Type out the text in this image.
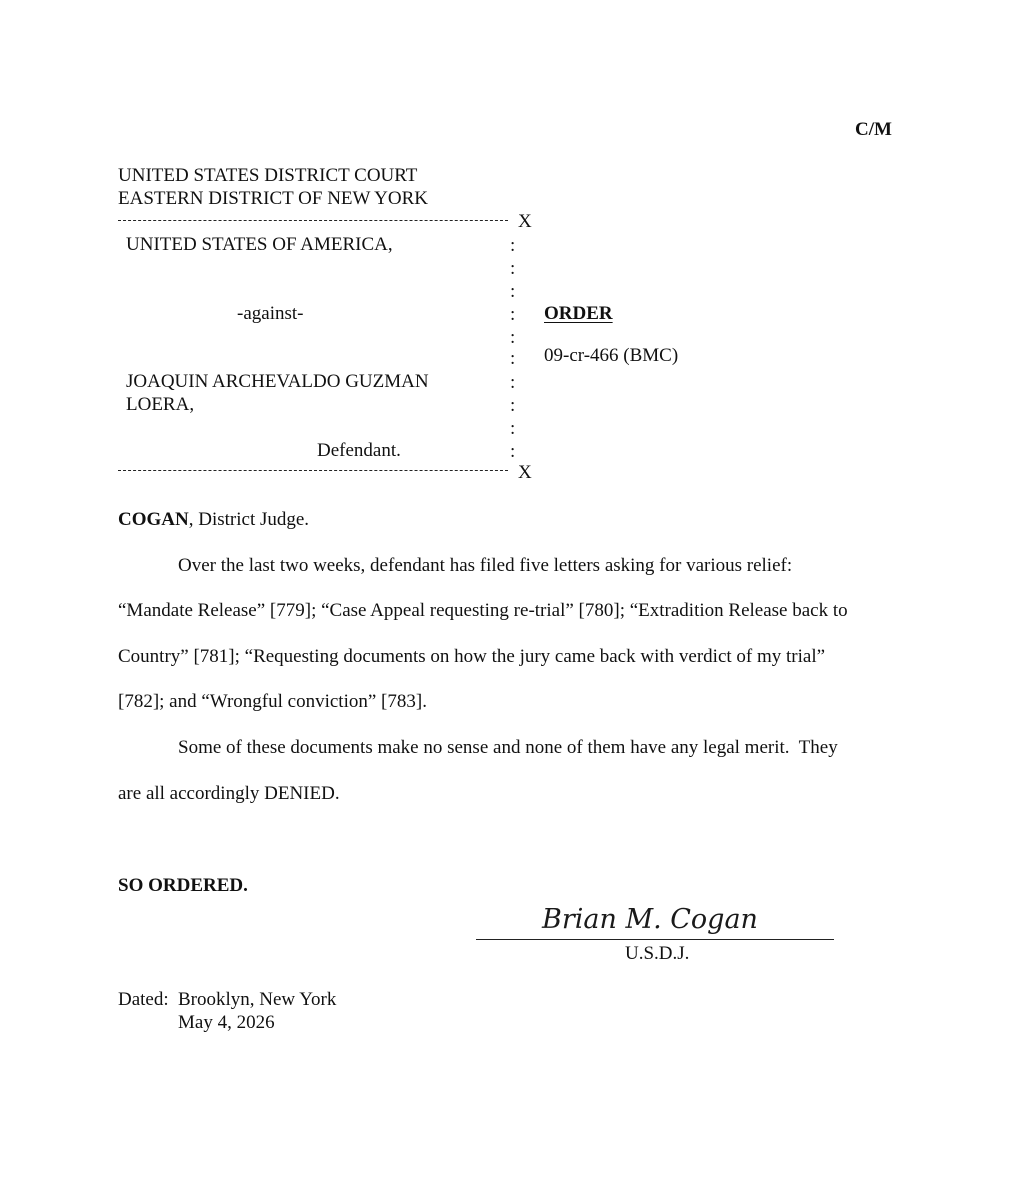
C/M
UNITED STATES DISTRICT COURT
EASTERN DISTRICT OF NEW YORK
X
UNITED STATES OF AMERICA,
-against-
JOAQUIN ARCHEVALDO GUZMAN
LOERA,
Defendant.
:
:
:
:
:
:
:
:
:
:
ORDER
09-cr-466 (BMC)
X
COGAN, District Judge.
Over the last two weeks, defendant has filed five letters asking for various relief:
“Mandate Release” [779]; “Case Appeal requesting re-trial” [780]; “Extradition Release back to
Country” [781]; “Requesting documents on how the jury came back with verdict of my trial”
[782]; and “Wrongful conviction” [783].
Some of these documents make no sense and none of them have any legal merit.  They
are all accordingly DENIED.
SO ORDERED.
Brian M. Cogan
U.S.D.J.
Dated: Brooklyn, New York
May 4, 2026
